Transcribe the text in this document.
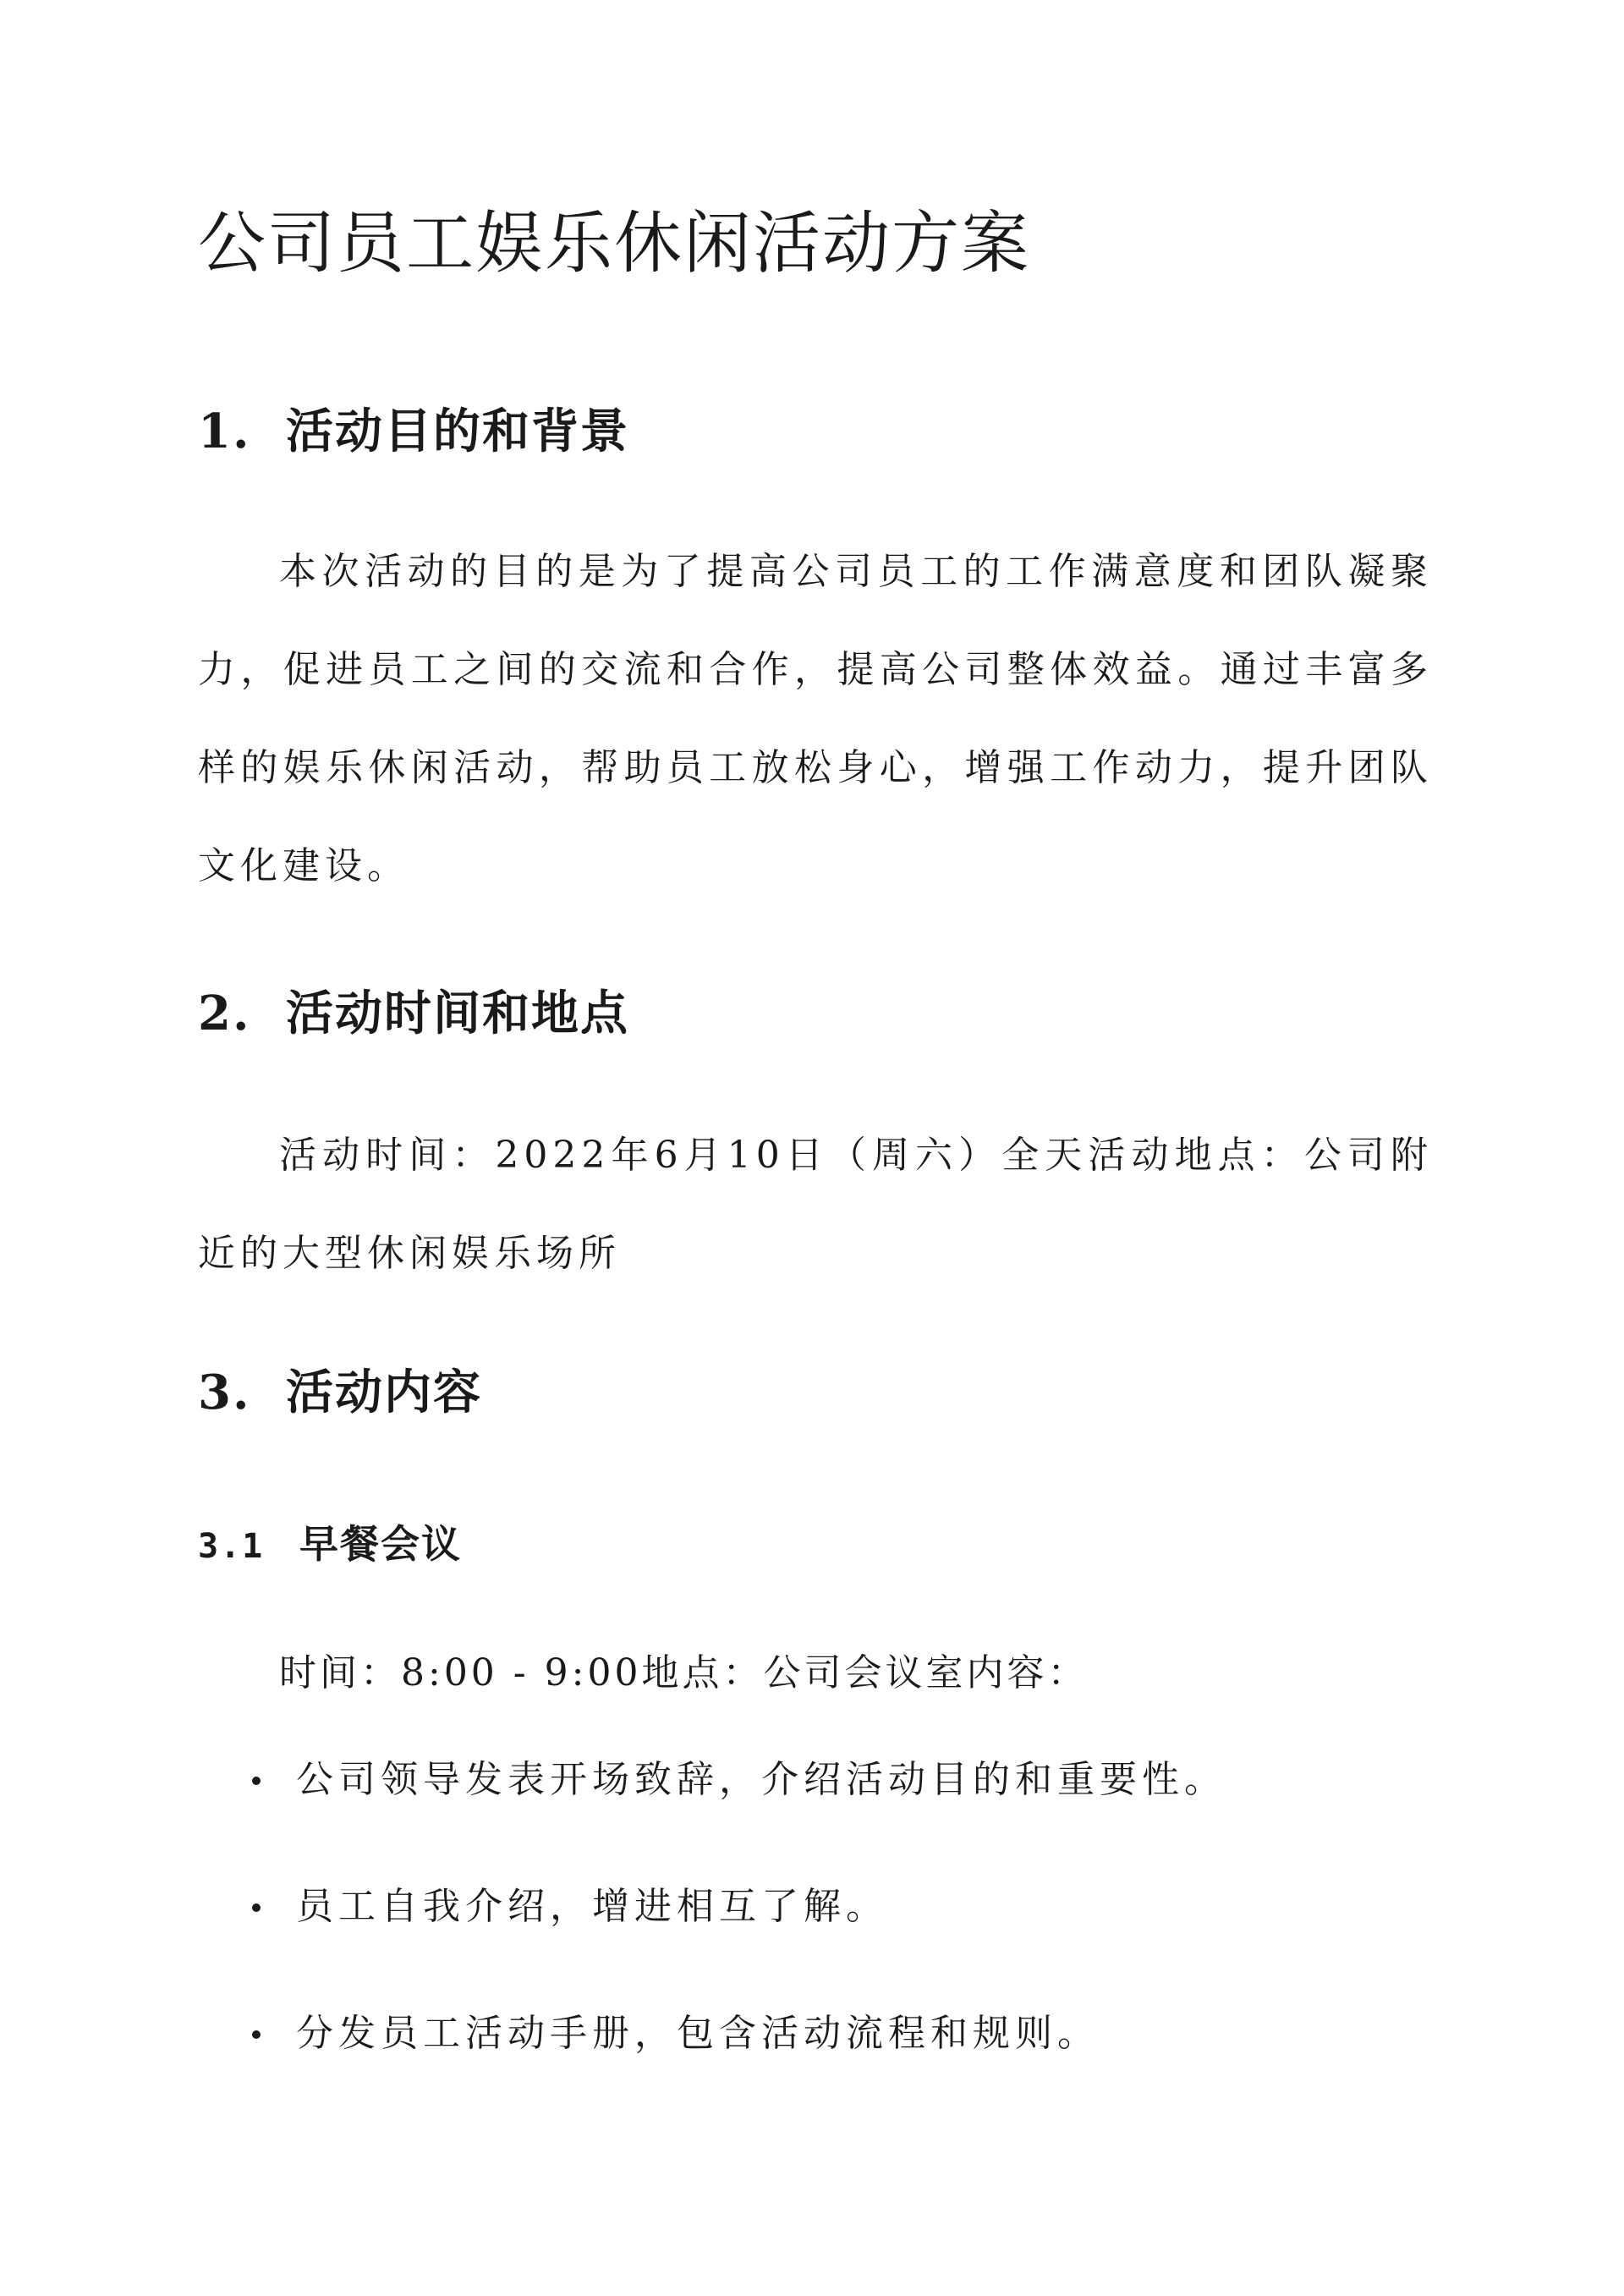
公司员工娱乐休闲活动方案
1. 活动目的和背景

本次活动的目的是为了提高公司员工的工作满意度和团队凝聚力，促进员工之间的交流和合作，提高公司整体效益。通过丰富多样的娱乐休闲活动，帮助员工放松身心，增强工作动力，提升团队文化建设。

2. 活动时间和地点

活动时间：2022年6月10日（周六）全天活动地点：公司附近的大型休闲娱乐场所

3. 活动内容
3.1 早餐会议

时间：8:00 - 9:00地点：公司会议室内容：

公司领导发表开场致辞，介绍活动目的和重要性。
员工自我介绍，增进相互了解。
分发员工活动手册，包含活动流程和规则。
